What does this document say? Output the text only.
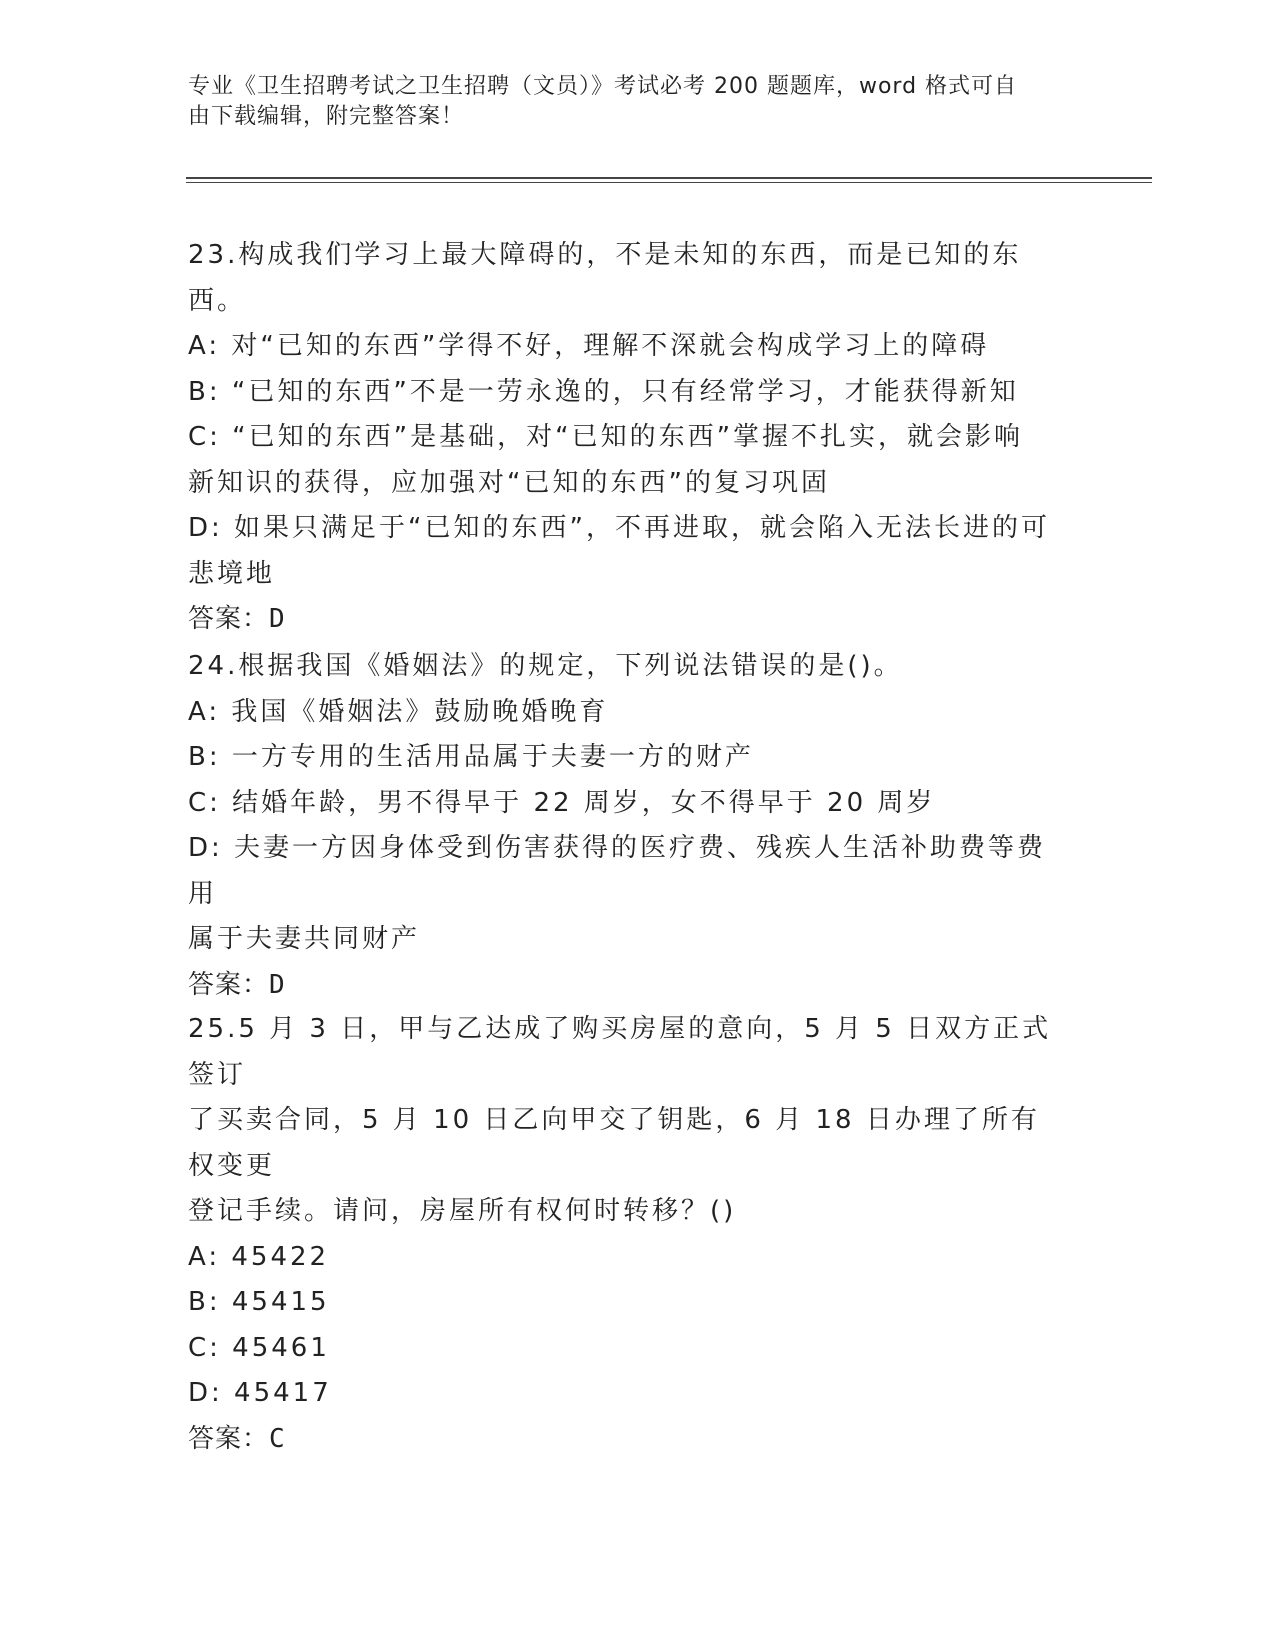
专业《卫生招聘考试之卫生招聘（文员）》考试必考 200 题题库，word 格式可自
由下载编辑，附完整答案！

23.构成我们学习上最大障碍的，不是未知的东西，而是已知的东西。

A: 对“已知的东西”学得不好，理解不深就会构成学习上的障碍

B: “已知的东西”不是一劳永逸的，只有经常学习，才能获得新知

C: “已知的东西”是基础，对“已知的东西”掌握不扎实，就会影响

新知识的获得，应加强对“已知的东西”的复习巩固

D: 如果只满足于“已知的东西”，不再进取，就会陷入无法长进的可

悲境地

答案：D

24.根据我国《婚姻法》的规定，下列说法错误的是()。

A: 我国《婚姻法》鼓励晚婚晚育

B: 一方专用的生活用品属于夫妻一方的财产

C: 结婚年龄，男不得早于 22 周岁，女不得早于 20 周岁

D: 夫妻一方因身体受到伤害获得的医疗费、残疾人生活补助费等费用

属于夫妻共同财产

答案：D

25.5 月 3 日，甲与乙达成了购买房屋的意向，5 月 5 日双方正式签订

了买卖合同，5 月 10 日乙向甲交了钥匙，6 月 18 日办理了所有权变更

登记手续。请问，房屋所有权何时转移？()

A: 45422

B: 45415

C: 45461

D: 45417

答案：C
